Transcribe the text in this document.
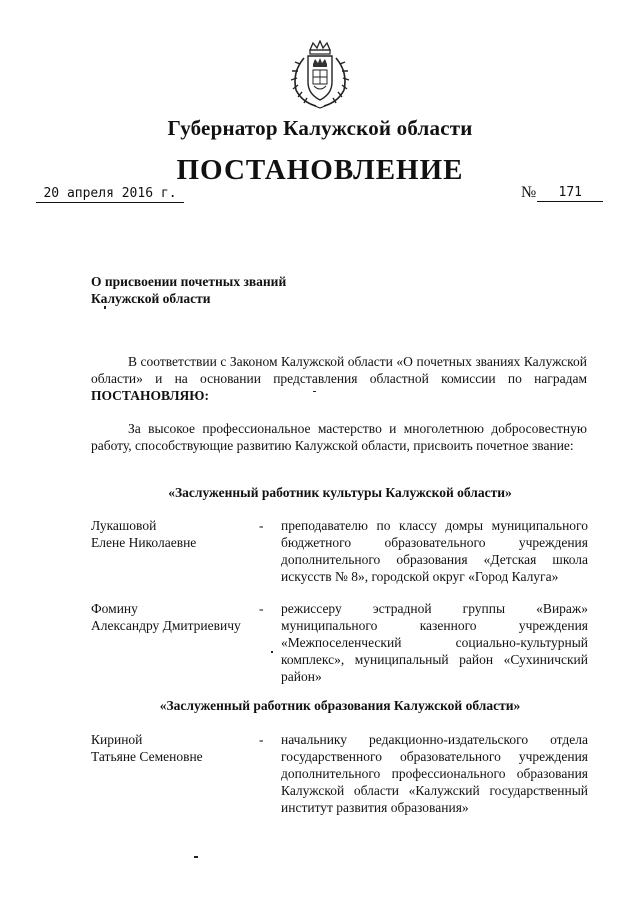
Губернатор Калужской области
ПОСТАНОВЛЕНИЕ
20 апреля 2016 г.	№	171
О присвоении почетных званий
Калужской области
В соответствии с Законом Калужской области «О почетных званиях Калужской области» и на основании представления областной комиссии по наградам ПОСТАНОВЛЯЮ:
За высокое профессиональное мастерство и многолетнюю добросовестную работу, способствующие развитию Калужской области, присвоить почетное звание:
«Заслуженный работник культуры Калужской области»
Лукашовой
Елене Николаевне
- преподавателю по классу домры муниципального бюджетного образовательного учреждения дополнительного образования «Детская школа искусств № 8», городской округ «Город Калуга»
Фомину
Александру Дмитриевичу
- режиссеру эстрадной группы «Вираж» муниципального казенного учреждения «Межпоселенческий социально-культурный комплекс», муниципальный район «Сухиничский район»
«Заслуженный работник образования Калужской области»
Кириной
Татьяне Семеновне
- начальнику редакционно-издательского отдела государственного образовательного учреждения дополнительного профессионального образования Калужской области «Калужский государственный институт развития образования»
